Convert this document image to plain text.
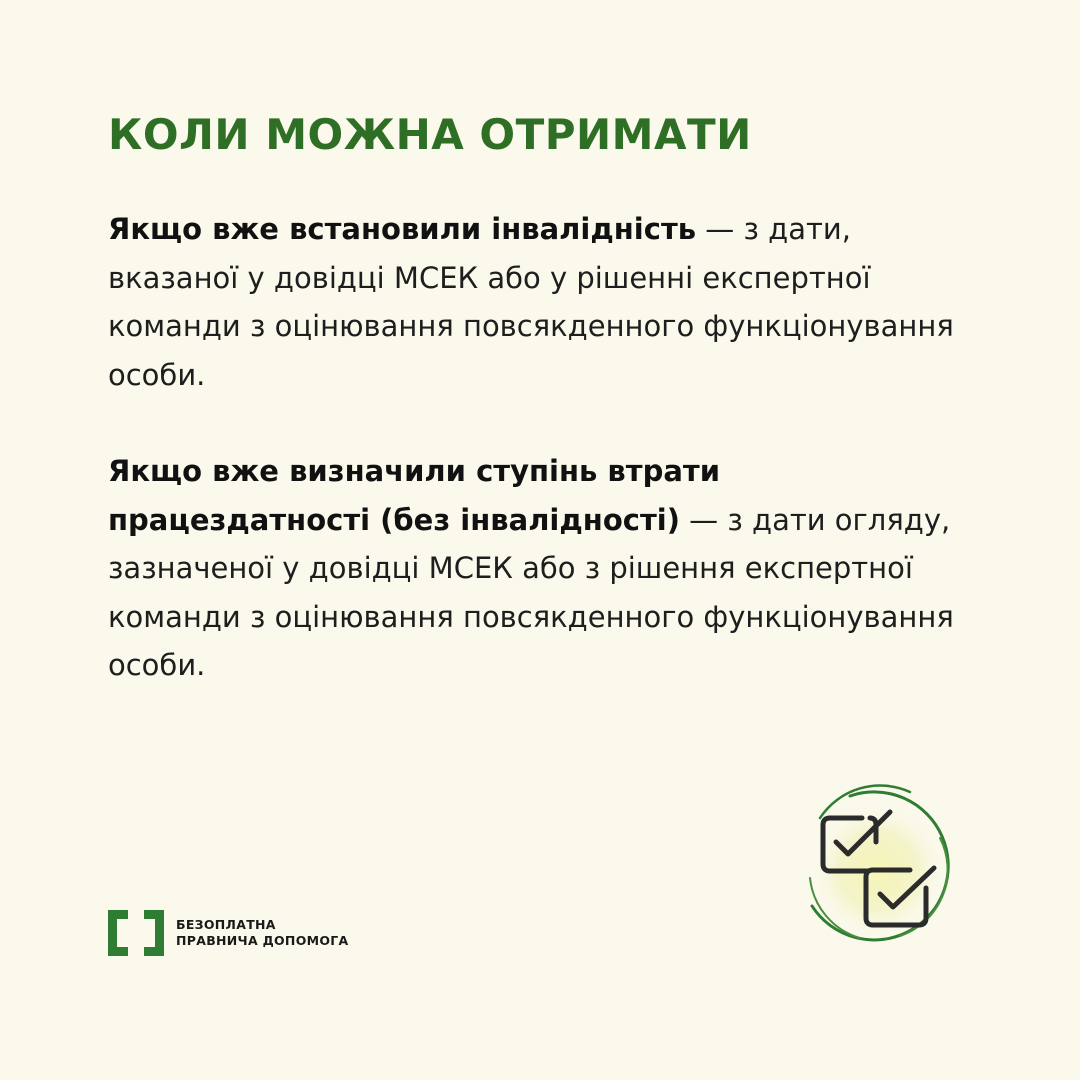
КОЛИ МОЖНА ОТРИМАТИ

Якщо вже встановили інвалідність — з дати, вказаної у довідці МСЕК або у рішенні експертної команди з оцінювання повсякденного функціонування особи.

Якщо вже визначили ступінь втрати працездатності (без інвалідності) — з дати огляду, зазначеної у довідці МСЕК або з рішення експертної команди з оцінювання повсякденного функціонування особи.

БЕЗОПЛАТНА
ПРАВНИЧА ДОПОМОГА
